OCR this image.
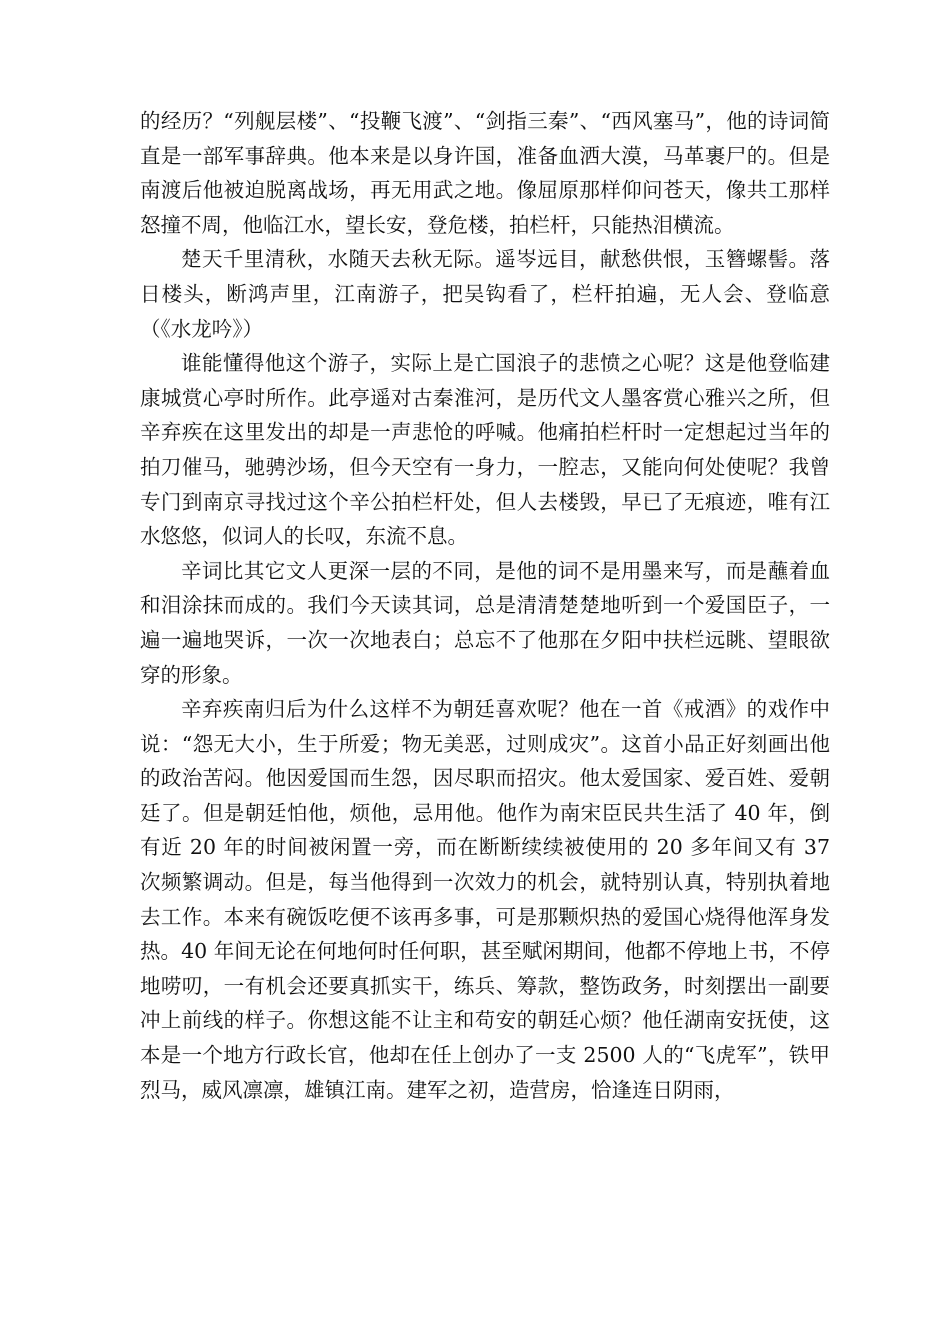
的经历？“列舰层楼”、“投鞭飞渡”、“剑指三秦”、“西风塞马”，他的诗词简直是一部军事辞典。他本来是以身许国，准备血洒大漠，马革裹尸的。但是南渡后他被迫脱离战场，再无用武之地。像屈原那样仰问苍天，像共工那样怒撞不周，他临江水，望长安，登危楼，拍栏杆，只能热泪横流。

楚天千里清秋，水随天去秋无际。遥岑远目，献愁供恨，玉簪螺髻。落日楼头，断鸿声里，江南游子，把吴钩看了，栏杆拍遍，无人会、登临意（《水龙吟》）

谁能懂得他这个游子，实际上是亡国浪子的悲愤之心呢？这是他登临建康城赏心亭时所作。此亭遥对古秦淮河，是历代文人墨客赏心雅兴之所，但辛弃疾在这里发出的却是一声悲怆的呼喊。他痛拍栏杆时一定想起过当年的拍刀催马，驰骋沙场，但今天空有一身力，一腔志，又能向何处使呢？我曾专门到南京寻找过这个辛公拍栏杆处，但人去楼毁，早已了无痕迹，唯有江水悠悠，似词人的长叹，东流不息。

辛词比其它文人更深一层的不同，是他的词不是用墨来写，而是蘸着血和泪涂抹而成的。我们今天读其词，总是清清楚楚地听到一个爱国臣子，一遍一遍地哭诉，一次一次地表白；总忘不了他那在夕阳中扶栏远眺、望眼欲穿的形象。

辛弃疾南归后为什么这样不为朝廷喜欢呢？他在一首《戒酒》的戏作中说：“怨无大小，生于所爱；物无美恶，过则成灾”。这首小品正好刻画出他的政治苦闷。他因爱国而生怨，因尽职而招灾。他太爱国家、爱百姓、爱朝廷了。但是朝廷怕他，烦他，忌用他。他作为南宋臣民共生活了 40 年，倒有近 20 年的时间被闲置一旁，而在断断续续被使用的 20 多年间又有 37 次频繁调动。但是，每当他得到一次效力的机会，就特别认真，特别执着地去工作。本来有碗饭吃便不该再多事，可是那颗炽热的爱国心烧得他浑身发热。40 年间无论在何地何时任何职，甚至赋闲期间，他都不停地上书，不停地唠叨，一有机会还要真抓实干，练兵、筹款，整饬政务，时刻摆出一副要冲上前线的样子。你想这能不让主和苟安的朝廷心烦？他任湖南安抚使，这本是一个地方行政长官，他却在任上创办了一支 2500 人的“飞虎军”，铁甲烈马，威风凛凛，雄镇江南。建军之初，造营房，恰逢连日阴雨，
